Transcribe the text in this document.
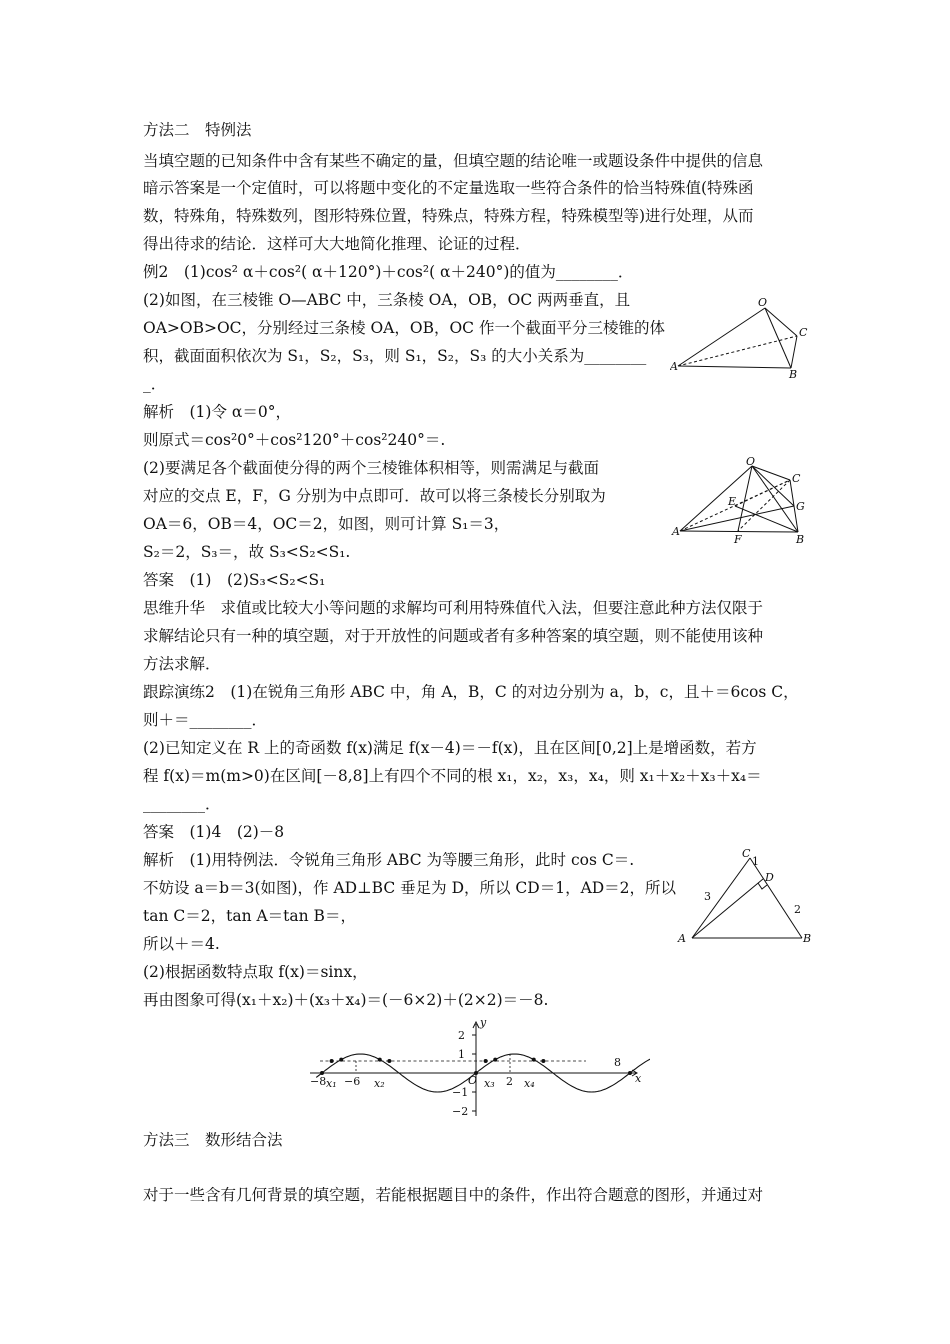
方法二　特例法
当填空题的已知条件中含有某些不确定的量，但填空题的结论唯一或题设条件中提供的信息
暗示答案是一个定值时，可以将题中变化的不定量选取一些符合条件的恰当特殊值(特殊函
数，特殊角，特殊数列，图形特殊位置，特殊点，特殊方程，特殊模型等)进行处理，从而
得出待求的结论．这样可大大地简化推理、论证的过程．
例2　(1)cos² α＋cos²( α＋120°)＋cos²( α＋240°)的值为________．
(2)如图，在三棱锥 O—ABC 中，三条棱 OA，OB，OC 两两垂直，且
OA>OB>OC，分别经过三条棱 OA，OB，OC 作一个截面平分三棱锥的体
积，截面面积依次为 S₁，S₂，S₃，则 S₁，S₂，S₃ 的大小关系为________
_．
解析　(1)令 α＝0°，
则原式＝cos²0°＋cos²120°＋cos²240°＝.
(2)要满足各个截面使分得的两个三棱锥体积相等，则需满足与截面
对应的交点 E，F，G 分别为中点即可．故可以将三条棱长分别取为
OA＝6，OB＝4，OC＝2，如图，则可计算 S₁＝3，
S₂＝2，S₃＝，故 S₃<S₂<S₁.
答案　(1)　(2)S₃<S₂<S₁
思维升华　求值或比较大小等问题的求解均可利用特殊值代入法，但要注意此种方法仅限于
求解结论只有一种的填空题，对于开放性的问题或者有多种答案的填空题，则不能使用该种
方法求解．
跟踪演练2　(1)在锐角三角形 ABC 中，角 A，B，C 的对边分别为 a，b，c，且＋＝6cos C，
则＋＝________．
(2)已知定义在 R 上的奇函数 f(x)满足 f(x－4)＝－f(x)，且在区间[0,2]上是增函数，若方
程 f(x)＝m(m>0)在区间[－8,8]上有四个不同的根 x₁，x₂，x₃，x₄，则 x₁＋x₂＋x₃＋x₄＝
________．
答案　(1)4　(2)－8
解析　(1)用特例法．令锐角三角形 ABC 为等腰三角形，此时 cos C＝.
不妨设 a＝b＝3(如图)，作 AD⊥BC 垂足为 D，所以 CD＝1，AD＝2，所以
tan C＝2，tan A＝tan B＝，
所以＋＝4.
(2)根据函数特点取 f(x)＝sinx，
再由图象可得(x₁＋x₂)＋(x₃＋x₄)＝(－6×2)＋(2×2)＝－8.
方法三　数形结合法
对于一些含有几何背景的填空题，若能根据题目中的条件，作出符合题意的图形，并通过对
O
A
B
C
O
A
B
C
E
F
G
C
A	B
D
1
3
2
y
x
O
2
1
−1
−2
−8 −6	2
8
x₁	x₂	x₃	x₄
